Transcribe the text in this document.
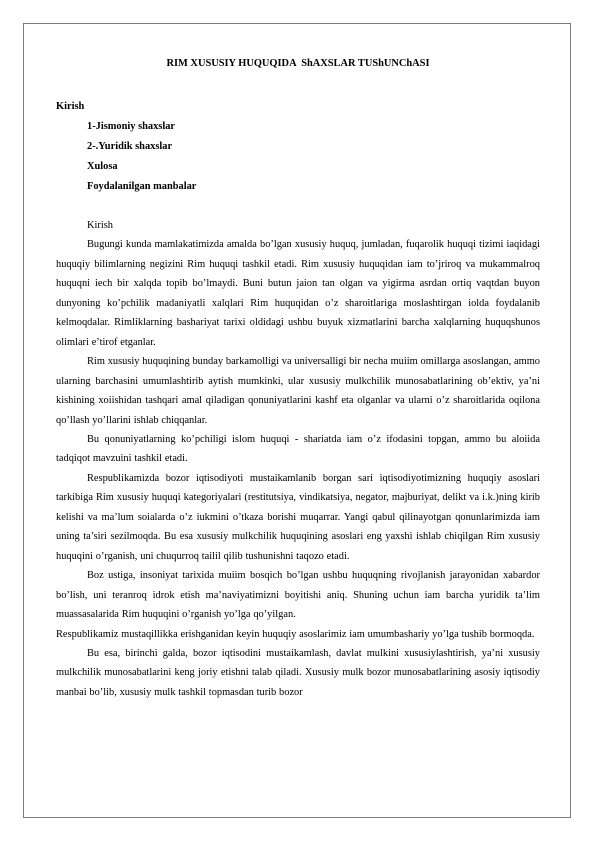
RIM XUSUSIY HUQUQIDA  ShAXSLAR TUShUNChASI

Kirish

1-Jismoniy shaxslar

2-.Yuridik shaxslar

Xulosa

Foydalanilgan manbalar

Kirish

Bugungi kunda mamlakatimizda amalda bo’lgan xususiy huquq, jumladan, fuqarolik huquqi tizimi iaqidagi huquqiy bilimlarning negizini Rim huquqi tashkil etadi. Rim xususiy huquqidan iam to’jriroq va mukammalroq huquqni iech bir xalqda topib bo’lmaydi. Buni butun jaion tan olgan va yigirma asrdan ortiq vaqtdan buyon dunyoning ko’pchilik madaniyatli xalqlari Rim huquqidan o’z sharoitlariga moslashtirgan iolda foydalanib kelmoqdalar. Rimliklarning bashariyat tarixi oldidagi ushbu buyuk xizmatlarini barcha xalqlarning huquqshunos olimlari e’tirof etganlar.

Rim xususiy huquqining bunday barkamolligi va universalligi bir necha muiim omillarga asoslangan, ammo ularning barchasini umumlashtirib aytish mumkinki, ular xususiy mulkchilik munosabatlarining ob’ektiv, ya’ni kishining xoiishidan tashqari amal qiladigan qonuniyatlarini kashf eta olganlar va ularni o’z sharoitlarida oqilona qo’llash yo’llarini ishlab chiqqanlar.

Bu qonuniyatlarning ko’pchiligi islom huquqi - shariatda iam o’z ifodasini topgan, ammo bu aloiida tadqiqot mavzuini tashkil etadi.

Respublikamizda bozor iqtisodiyoti mustaikamlanib borgan sari iqtisodiyotimizning huquqiy asoslari tarkibiga Rim xususiy huquqi kategoriyalari (restitutsiya, vindikatsiya, negator, majburiyat, delikt va i.k.)ning kirib kelishi va ma’lum soialarda o’z iukmini o’tkaza borishi muqarrar. Yangi qabul qilinayotgan qonunlarimizda iam uning ta’siri sezilmoqda. Bu esa xususiy mulkchilik huquqining asoslari eng yaxshi ishlab chiqilgan Rim xususiy huquqini o’rganish, uni chuqurroq tailil qilib tushunishni taqozo etadi.

Boz ustiga, insoniyat tarixida muiim bosqich bo’lgan ushbu huquqning rivojlanish jarayonidan xabardor bo’lish, uni teranroq idrok etish ma’naviyatimizni boyitishi aniq. Shuning uchun iam barcha yuridik ta’lim muassasalarida Rim huquqini o’rganish yo’lga qo’yilgan.

Respublikamiz mustaqillikka erishganidan keyin huquqiy asoslarimiz iam umumbashariy yo’lga tushib bormoqda.

Bu esa, birinchi galda, bozor iqtisodini mustaikamlash, davlat mulkini xususiylashtirish, ya’ni xususiy mulkchilik munosabatlarini keng joriy etishni talab qiladi. Xususiy mulk bozor munosabatlarining asosiy iqtisodiy manbai bo’lib, xususiy mulk tashkil topmasdan turib bozor
